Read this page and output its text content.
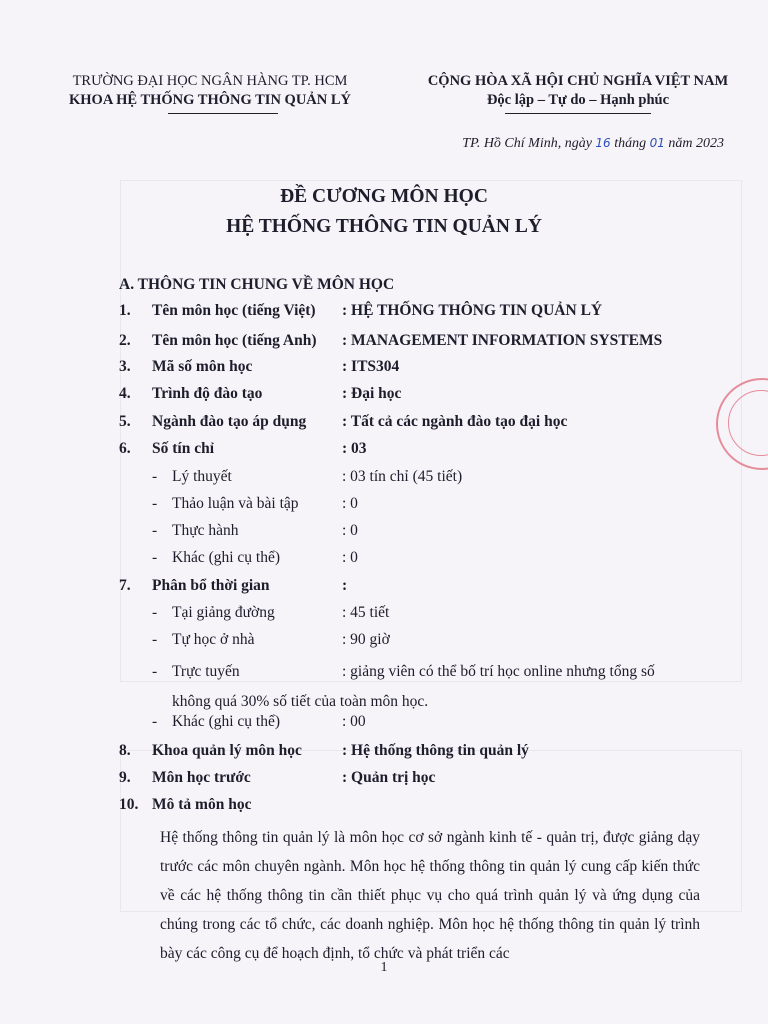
TRƯỜNG ĐẠI HỌC NGÂN HÀNG TP. HCM
KHOA HỆ THỐNG THÔNG TIN QUẢN LÝ
CỘNG HÒA XÃ HỘI CHỦ NGHĨA VIỆT NAM
Độc lập – Tự do – Hạnh phúc
TP. Hồ Chí Minh, ngày 16 tháng 01 năm 2023
ĐỀ CƯƠNG MÔN HỌC
HỆ THỐNG THÔNG TIN QUẢN LÝ
A. THÔNG TIN CHUNG VỀ MÔN HỌC
1. Tên môn học (tiếng Việt) : HỆ THỐNG THÔNG TIN QUẢN LÝ
2. Tên môn học (tiếng Anh) : MANAGEMENT INFORMATION SYSTEMS
3. Mã số môn học	: ITS304
4. Trình độ đào tạo	: Đại học
5. Ngành đào tạo áp dụng : Tất cả các ngành đào tạo đại học
6. Số tín chỉ	: 03
- Lý thuyết	: 03 tín chỉ (45 tiết)
- Thảo luận và bài tập	: 0
- Thực hành	: 0
- Khác (ghi cụ thể)	: 0
7. Phân bổ thời gian	:
- Tại giảng đường	: 45 tiết
- Tự học ở nhà	: 90 giờ
- Trực tuyến	: giảng viên có thể bố trí học online nhưng tổng số
không quá 30% số tiết của toàn môn học.
- Khác (ghi cụ thể)	: 00
8. Khoa quản lý môn học	: Hệ thống thông tin quản lý
9. Môn học trước	: Quản trị học
10. Mô tả môn học

Hệ thống thông tin quản lý là môn học cơ sở ngành kinh tế - quản trị, được giảng dạy trước các môn chuyên ngành. Môn học hệ thống thông tin quản lý cung cấp kiến thức về các hệ thống thông tin cần thiết phục vụ cho quá trình quản lý và ứng dụng của chúng trong các tổ chức, các doanh nghiệp. Môn học hệ thống thông tin quản lý trình bày các công cụ để hoạch định, tổ chức và phát triển các

1
